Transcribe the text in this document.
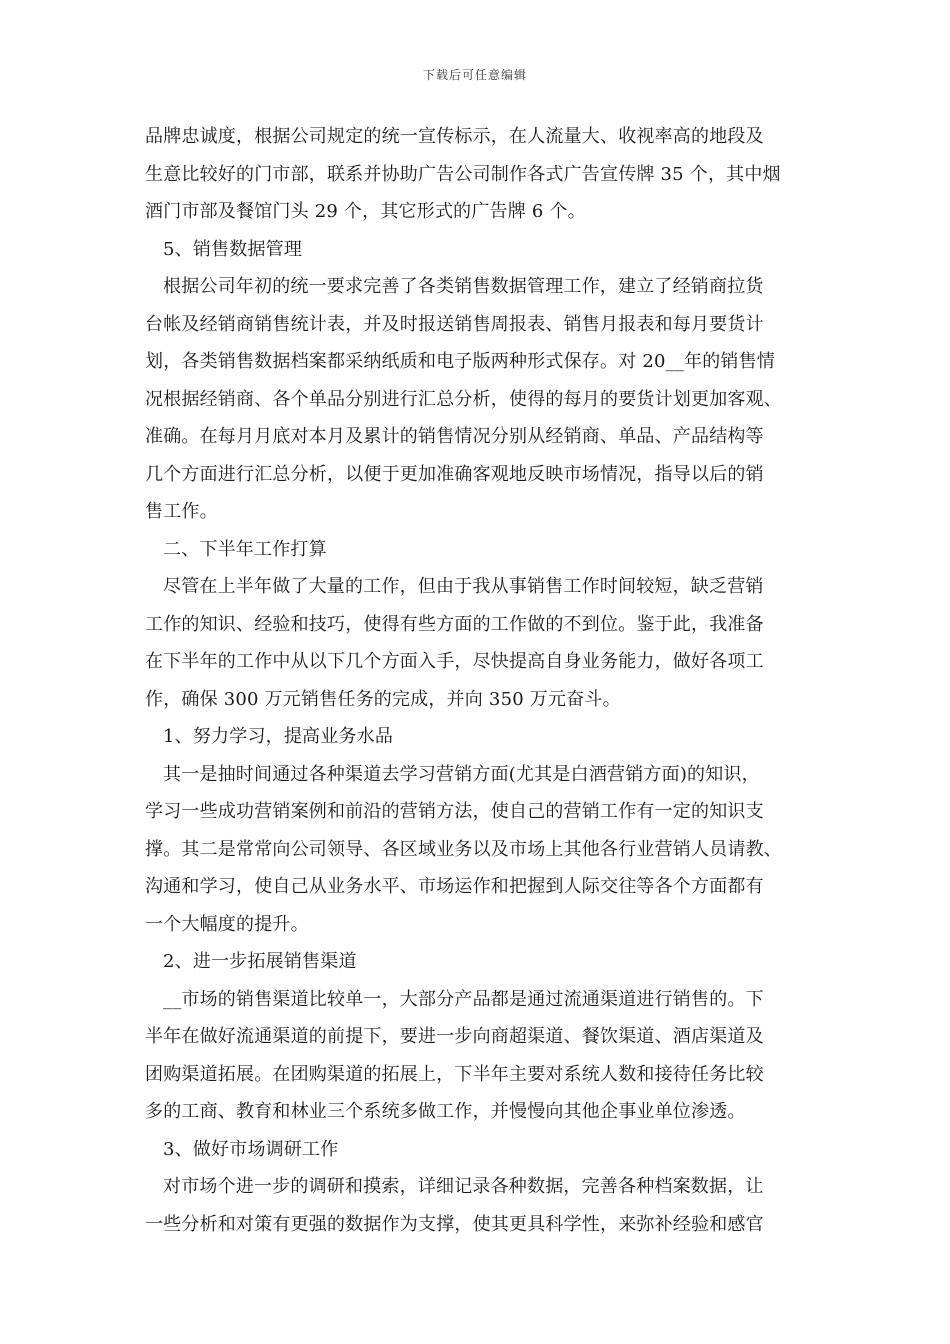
下载后可任意编辑
品牌忠诚度，根据公司规定的统一宣传标示，在人流量大、收视率高的地段及
生意比较好的门市部，联系并协助广告公司制作各式广告宣传牌 35 个，其中烟
酒门市部及餐馆门头 29 个，其它形式的广告牌 6 个。
5、销售数据管理
根据公司年初的统一要求完善了各类销售数据管理工作，建立了经销商拉货
台帐及经销商销售统计表，并及时报送销售周报表、销售月报表和每月要货计
划，各类销售数据档案都采纳纸质和电子版两种形式保存。对 20__年的销售情
况根据经销商、各个单品分别进行汇总分析，使得的每月的要货计划更加客观、
准确。在每月月底对本月及累计的销售情况分别从经销商、单品、产品结构等
几个方面进行汇总分析，以便于更加准确客观地反映市场情况，指导以后的销
售工作。
二、下半年工作打算
尽管在上半年做了大量的工作，但由于我从事销售工作时间较短，缺乏营销
工作的知识、经验和技巧，使得有些方面的工作做的不到位。鉴于此，我准备
在下半年的工作中从以下几个方面入手，尽快提高自身业务能力，做好各项工
作，确保 300 万元销售任务的完成，并向 350 万元奋斗。
1、努力学习，提高业务水品
其一是抽时间通过各种渠道去学习营销方面(尤其是白酒营销方面)的知识，
学习一些成功营销案例和前沿的营销方法，使自己的营销工作有一定的知识支
撑。其二是常常向公司领导、各区域业务以及市场上其他各行业营销人员请教、
沟通和学习，使自己从业务水平、市场运作和把握到人际交往等各个方面都有
一个大幅度的提升。
2、进一步拓展销售渠道
__市场的销售渠道比较单一，大部分产品都是通过流通渠道进行销售的。下
半年在做好流通渠道的前提下，要进一步向商超渠道、餐饮渠道、酒店渠道及
团购渠道拓展。在团购渠道的拓展上，下半年主要对系统人数和接待任务比较
多的工商、教育和林业三个系统多做工作，并慢慢向其他企事业单位渗透。
3、做好市场调研工作
对市场个进一步的调研和摸索，详细记录各种数据，完善各种档案数据，让
一些分析和对策有更强的数据作为支撑，使其更具科学性，来弥补经验和感官
